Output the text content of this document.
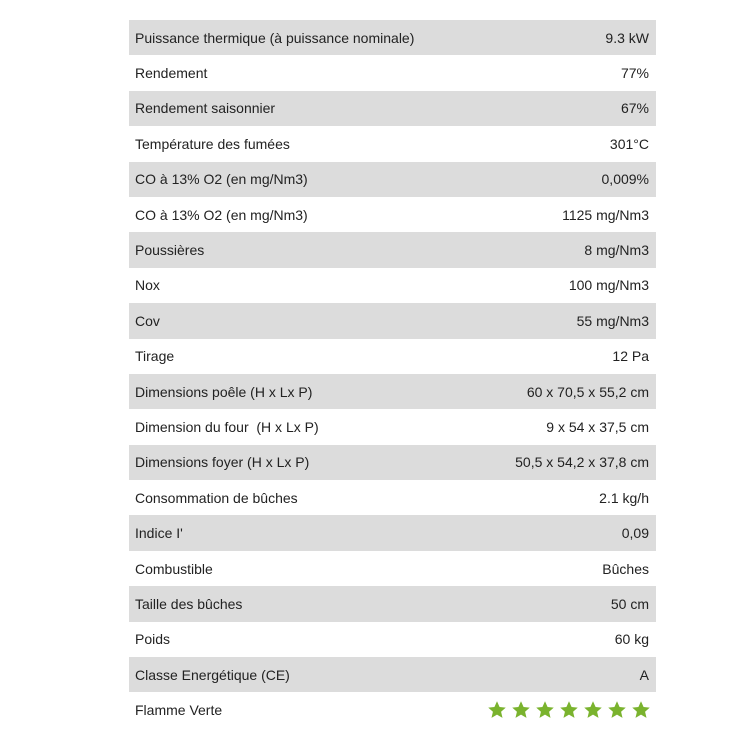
Puissance thermique (à puissance nominale)	9.3 kW
Rendement	77%
Rendement saisonnier	67%
Température des fumées	301°C
CO à 13% O2 (en mg/Nm3)	0,009%
CO à 13% O2 (en mg/Nm3)	1125 mg/Nm3
Poussières	8 mg/Nm3
Nox	100 mg/Nm3
Cov	55 mg/Nm3
Tirage	12 Pa
Dimensions poêle (H x Lx P)	60 x 70,5 x 55,2 cm
Dimension du four  (H x Lx P)	9 x 54 x 37,5 cm
Dimensions foyer (H x Lx P)	50,5 x 54,2 x 37,8 cm
Consommation de bûches	2.1 kg/h
Indice I'	0,09
Combustible	Bûches
Taille des bûches	50 cm
Poids	60 kg
Classe Energétique (CE)	A
Flamme Verte
